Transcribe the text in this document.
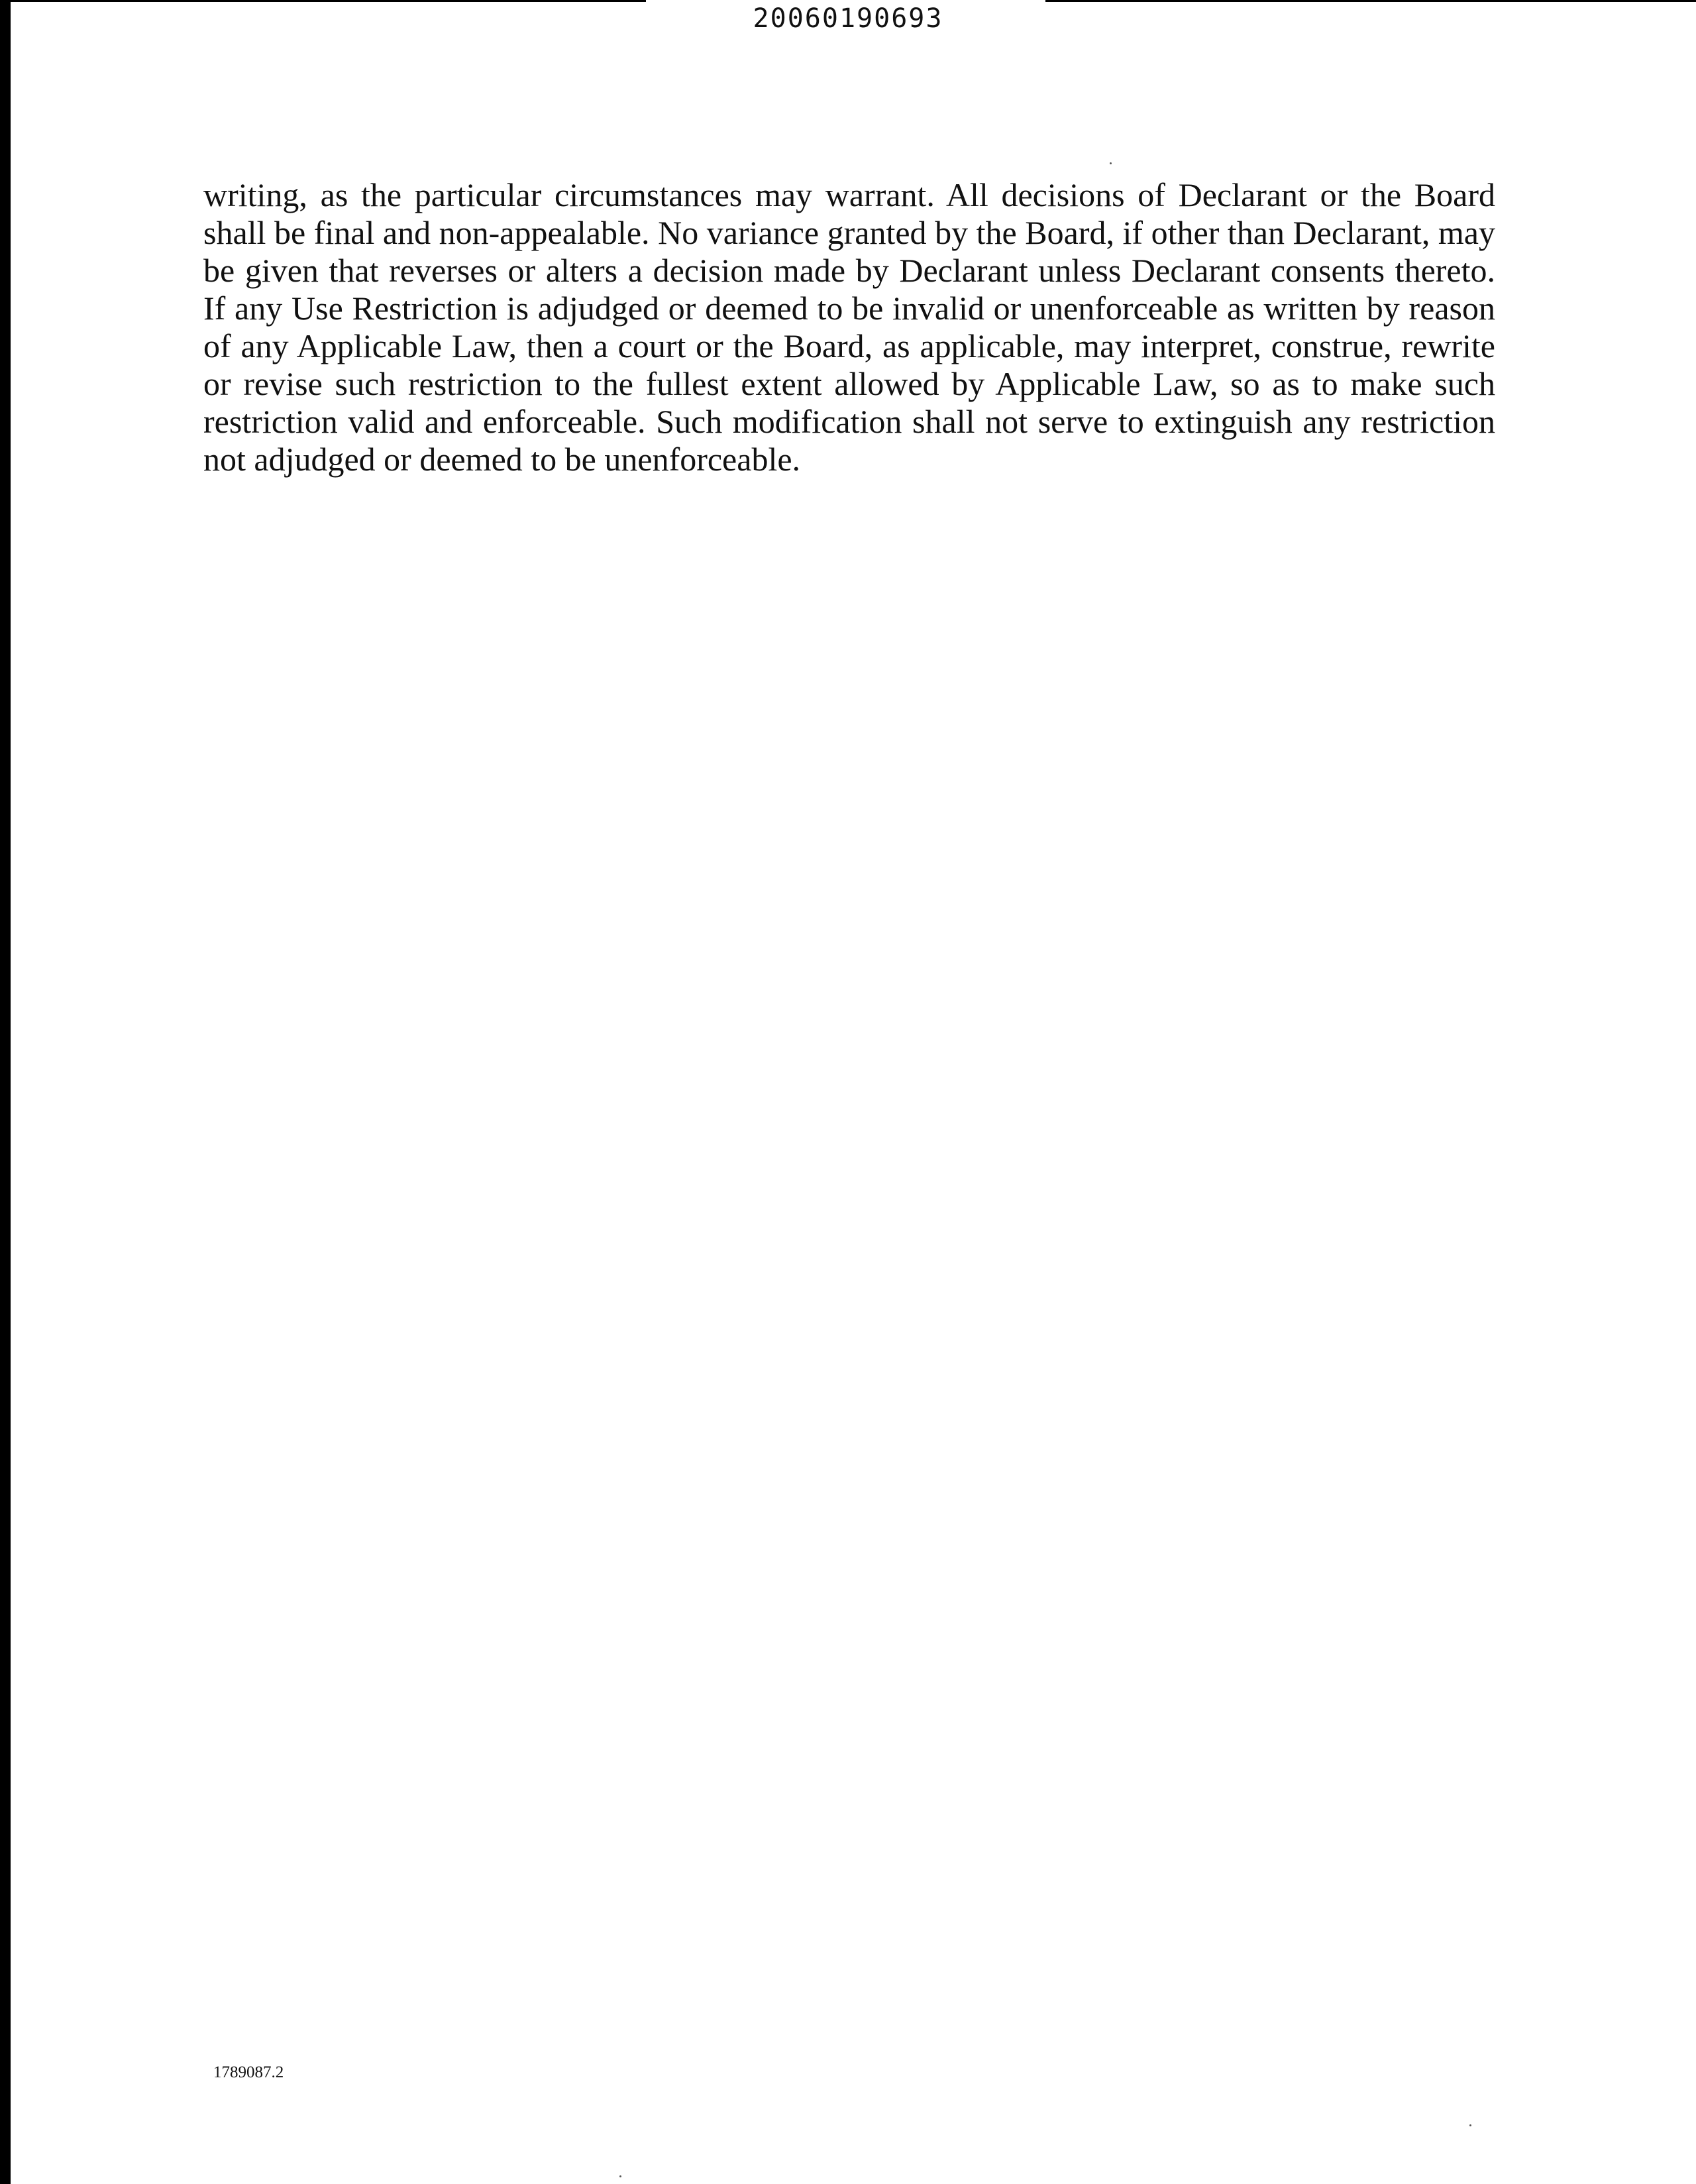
20060190693

writing, as the particular circumstances may warrant. All decisions of Declarant or the Board shall be final and non-appealable. No variance granted by the Board, if other than Declarant, may be given that reverses or alters a decision made by Declarant unless Declarant consents thereto. If any Use Restriction is adjudged or deemed to be invalid or unenforceable as written by reason of any Applicable Law, then a court or the Board, as applicable, may interpret, construe, rewrite or revise such restriction to the fullest extent allowed by Applicable Law, so as to make such restriction valid and enforceable. Such modification shall not serve to extinguish any restriction not adjudged or deemed to be unenforceable.

1789087.2
